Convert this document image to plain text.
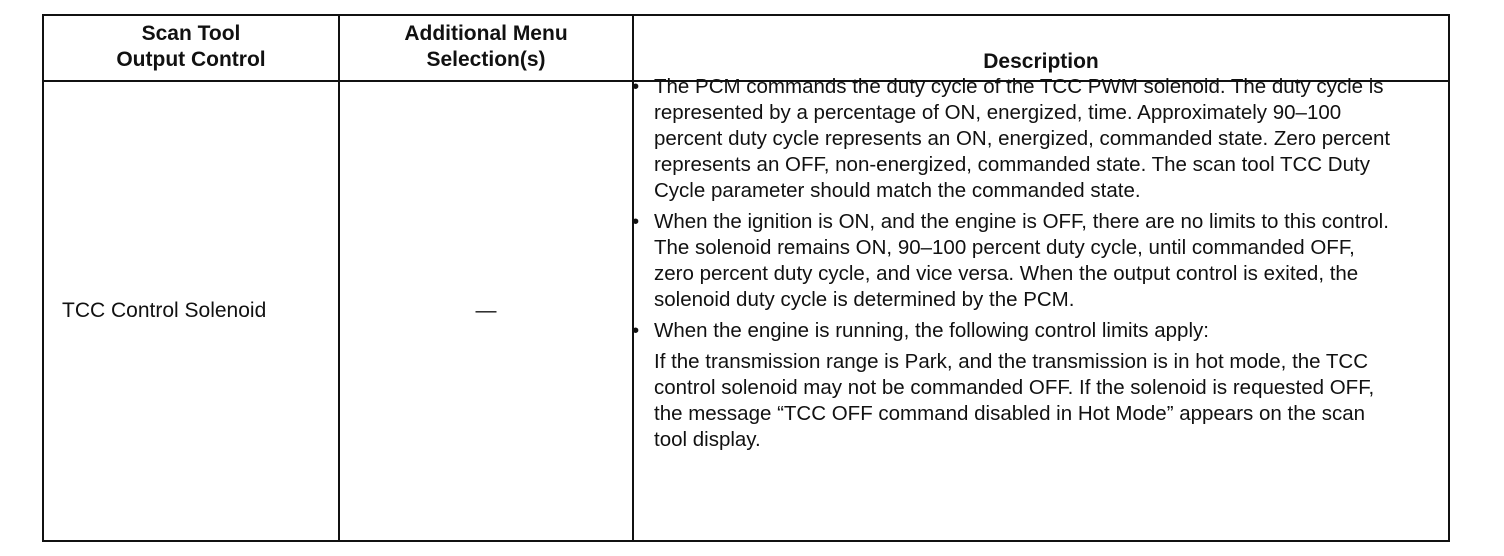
Scan Tool
Output Control
Additional Menu
Selection(s)	Description
TCC Control Solenoid	—
• The PCM commands the duty cycle of the TCC PWM solenoid. The duty cycle is represented by a percentage of ON, energized, time. Approximately 90–100 percent duty cycle represents an ON, energized, commanded state. Zero percent represents an OFF, non-energized, commanded state. The scan tool TCC Duty Cycle parameter should match the commanded state.
• When the ignition is ON, and the engine is OFF, there are no limits to this control. The solenoid remains ON, 90–100 percent duty cycle, until commanded OFF, zero percent duty cycle, and vice versa. When the output control is exited, the solenoid duty cycle is determined by the PCM.
• When the engine is running, the following control limits apply:
If the transmission range is Park, and the transmission is in hot mode, the TCC control solenoid may not be commanded OFF. If the solenoid is requested OFF, the message “TCC OFF command disabled in Hot Mode” appears on the scan tool display.
